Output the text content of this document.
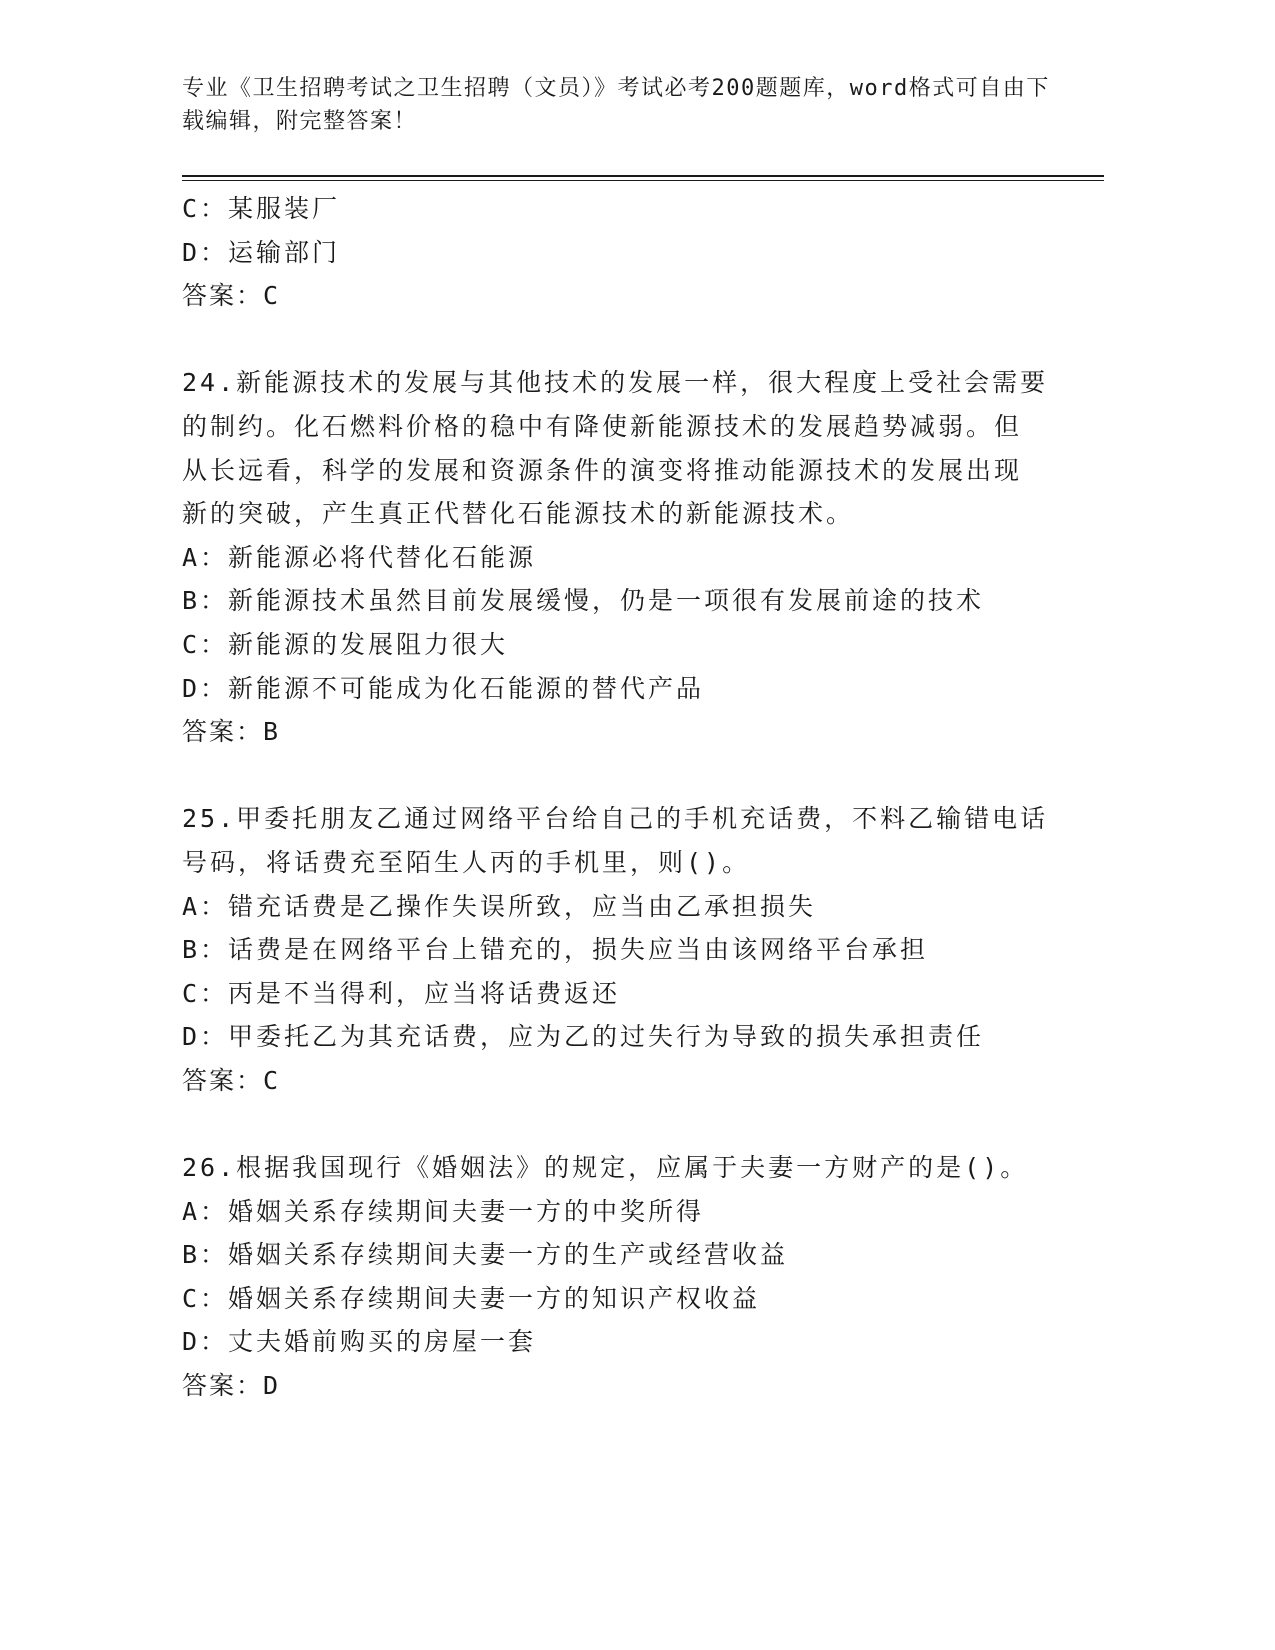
专业《卫生招聘考试之卫生招聘（文员）》考试必考200题题库，word格式可自由下载编辑，附完整答案！
C：某服装厂
D：运输部门
答案：C
24.新能源技术的发展与其他技术的发展一样，很大程度上受社会需要
的制约。化石燃料价格的稳中有降使新能源技术的发展趋势减弱。但
从长远看，科学的发展和资源条件的演变将推动能源技术的发展出现
新的突破，产生真正代替化石能源技术的新能源技术。
A：新能源必将代替化石能源
B：新能源技术虽然目前发展缓慢，仍是一项很有发展前途的技术
C：新能源的发展阻力很大
D：新能源不可能成为化石能源的替代产品
答案：B
25.甲委托朋友乙通过网络平台给自己的手机充话费，不料乙输错电话
号码，将话费充至陌生人丙的手机里，则()。
A：错充话费是乙操作失误所致，应当由乙承担损失
B：话费是在网络平台上错充的，损失应当由该网络平台承担
C：丙是不当得利，应当将话费返还
D：甲委托乙为其充话费，应为乙的过失行为导致的损失承担责任
答案：C
26.根据我国现行《婚姻法》的规定，应属于夫妻一方财产的是()。
A：婚姻关系存续期间夫妻一方的中奖所得
B：婚姻关系存续期间夫妻一方的生产或经营收益
C：婚姻关系存续期间夫妻一方的知识产权收益
D：丈夫婚前购买的房屋一套
答案：D
